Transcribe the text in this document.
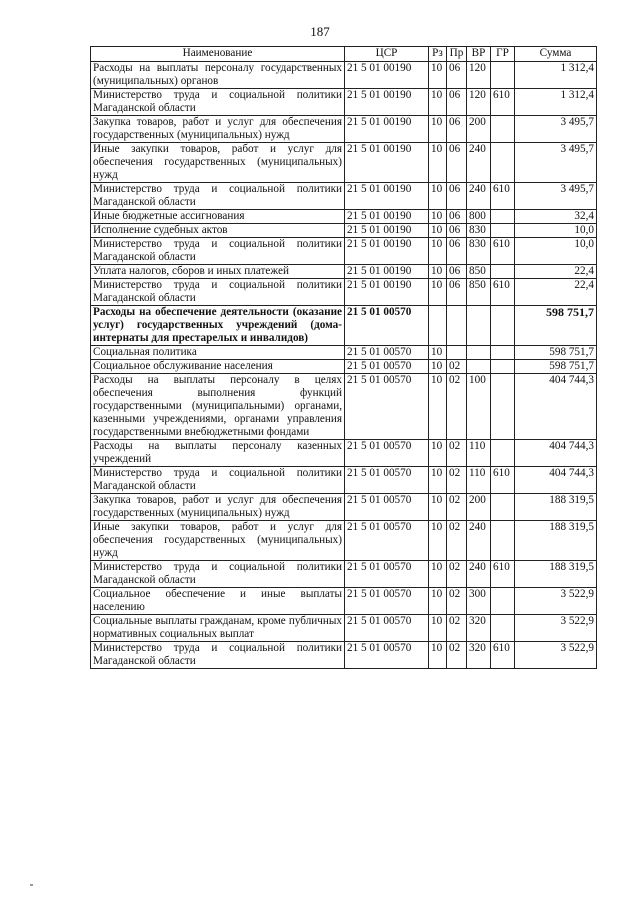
187
Наименование	ЦСР	Рз	Пр	ВР	ГР	Сумма
Расходы на выплаты персоналу государственных (муниципальных) органов	21 5 01 00190	10	06	120		1 312,4
Министерство труда и социальной политики Магаданской области	21 5 01 00190	10	06	120	610	1 312,4
Закупка товаров, работ и услуг для обеспечения государственных (муниципальных) нужд	21 5 01 00190	10	06	200		3 495,7
Иные закупки товаров, работ и услуг для обеспечения государственных (муниципальных) нужд	21 5 01 00190	10	06	240		3 495,7
Министерство труда и социальной политики Магаданской области	21 5 01 00190	10	06	240	610	3 495,7
Иные бюджетные ассигнования	21 5 01 00190	10	06	800		32,4
Исполнение судебных актов	21 5 01 00190	10	06	830		10,0
Министерство труда и социальной политики Магаданской области	21 5 01 00190	10	06	830	610	10,0
Уплата налогов, сборов и иных платежей	21 5 01 00190	10	06	850		22,4
Министерство труда и социальной политики Магаданской области	21 5 01 00190	10	06	850	610	22,4
Расходы на обеспечение деятельности (оказание услуг) государственных учреждений (дома-интернаты для престарелых и инвалидов)	21 5 01 00570					598 751,7
Социальная политика	21 5 01 00570	10				598 751,7
Социальное обслуживание населения	21 5 01 00570	10	02			598 751,7
Расходы на выплаты персоналу в целях обеспечения выполнения функций государственными (муниципальными) органами, казенными учреждениями, органами управления государственными внебюджетными фондами	21 5 01 00570	10	02	100		404 744,3
Расходы на выплаты персоналу казенных учреждений	21 5 01 00570	10	02	110		404 744,3
Министерство труда и социальной политики Магаданской области	21 5 01 00570	10	02	110	610	404 744,3
Закупка товаров, работ и услуг для обеспечения государственных (муниципальных) нужд	21 5 01 00570	10	02	200		188 319,5
Иные закупки товаров, работ и услуг для обеспечения государственных (муниципальных) нужд	21 5 01 00570	10	02	240		188 319,5
Министерство труда и социальной политики Магаданской области	21 5 01 00570	10	02	240	610	188 319,5
Социальное обеспечение и иные выплаты населению	21 5 01 00570	10	02	300		3 522,9
Социальные выплаты гражданам, кроме публичных нормативных социальных выплат	21 5 01 00570	10	02	320		3 522,9
Министерство труда и социальной политики Магаданской области	21 5 01 00570	10	02	320	610	3 522,9
